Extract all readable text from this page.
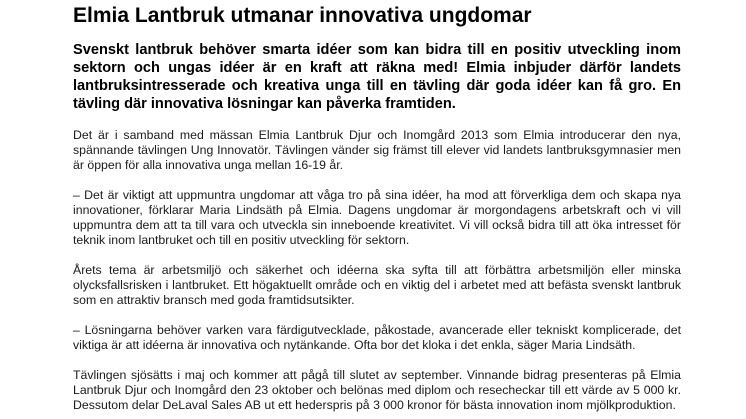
Elmia Lantbruk utmanar innovativa ungdomar

Svenskt lantbruk behöver smarta idéer som kan bidra till en positiv utveckling inom sektorn och ungas idéer är en kraft att räkna med! Elmia inbjuder därför landets lantbruksintresserade och kreativa unga till en tävling där goda idéer kan få gro. En tävling där innovativa lösningar kan påverka framtiden.

Det är i samband med mässan Elmia Lantbruk Djur och Inomgård 2013 som Elmia introducerar den nya, spännande tävlingen Ung Innovatör. Tävlingen vänder sig främst till elever vid landets lantbruksgymnasier men är öppen för alla innovativa unga mellan 16-19 år.

– Det är viktigt att uppmuntra ungdomar att våga tro på sina idéer, ha mod att förverkliga dem och skapa nya innovationer, förklarar Maria Lindsäth på Elmia. Dagens ungdomar är morgondagens arbetskraft och vi vill uppmuntra dem att ta till vara och utveckla sin inneboende kreativitet. Vi vill också bidra till att öka intresset för teknik inom lantbruket och till en positiv utveckling för sektorn.

Årets tema är arbetsmiljö och säkerhet och idéerna ska syfta till att förbättra arbetsmiljön eller minska olycksfallsrisken i lantbruket. Ett högaktuellt område och en viktig del i arbetet med att befästa svenskt lantbruk som en attraktiv bransch med goda framtidsutsikter.

– Lösningarna behöver varken vara färdigutvecklade, påkostade, avancerade eller tekniskt komplicerade, det viktiga är att idéerna är innovativa och nytänkande. Ofta bor det kloka i det enkla, säger Maria Lindsäth.

Tävlingen sjösätts i maj och kommer att pågå till slutet av september. Vinnande bidrag presenteras på Elmia Lantbruk Djur och Inomgård den 23 oktober och belönas med diplom och resecheckar till ett värde av 5 000 kr. Dessutom delar DeLaval Sales AB ut ett hederspris på 3 000 kronor för bästa innovation inom mjölkproduktion.
